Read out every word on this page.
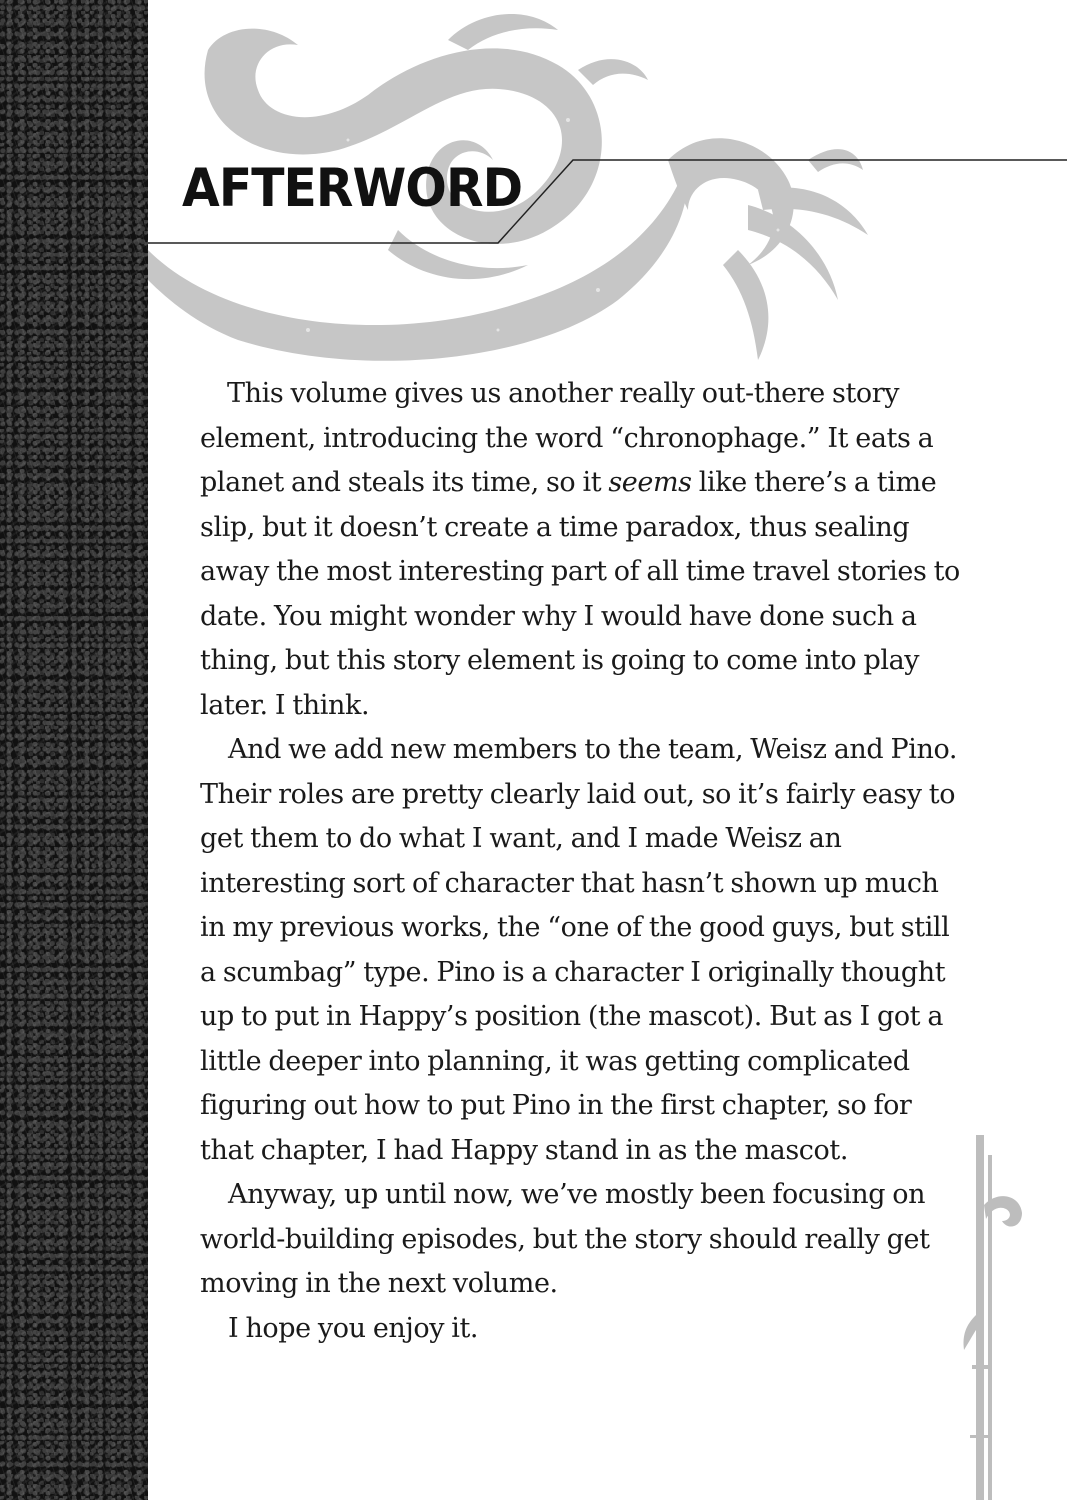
AFTERWORD

This volume gives us another really out-there story element, introducing the word “chronophage.” It eats a planet and steals its time, so it seems like there’s a time slip, but it doesn’t create a time paradox, thus sealing away the most interesting part of all time travel stories to date. You might wonder why I would have done such a thing, but this story element is going to come into play later. I think.

And we add new members to the team, Weisz and Pino. Their roles are pretty clearly laid out, so it’s fairly easy to get them to do what I want, and I made Weisz an interesting sort of character that hasn’t shown up much in my previous works, the “one of the good guys, but still a scumbag” type. Pino is a character I originally thought up to put in Happy’s position (the mascot). But as I got a little deeper into planning, it was getting complicated figuring out how to put Pino in the first chapter, so for that chapter, I had Happy stand in as the mascot.

Anyway, up until now, we’ve mostly been focusing on world-building episodes, but the story should really get moving in the next volume.

I hope you enjoy it.
